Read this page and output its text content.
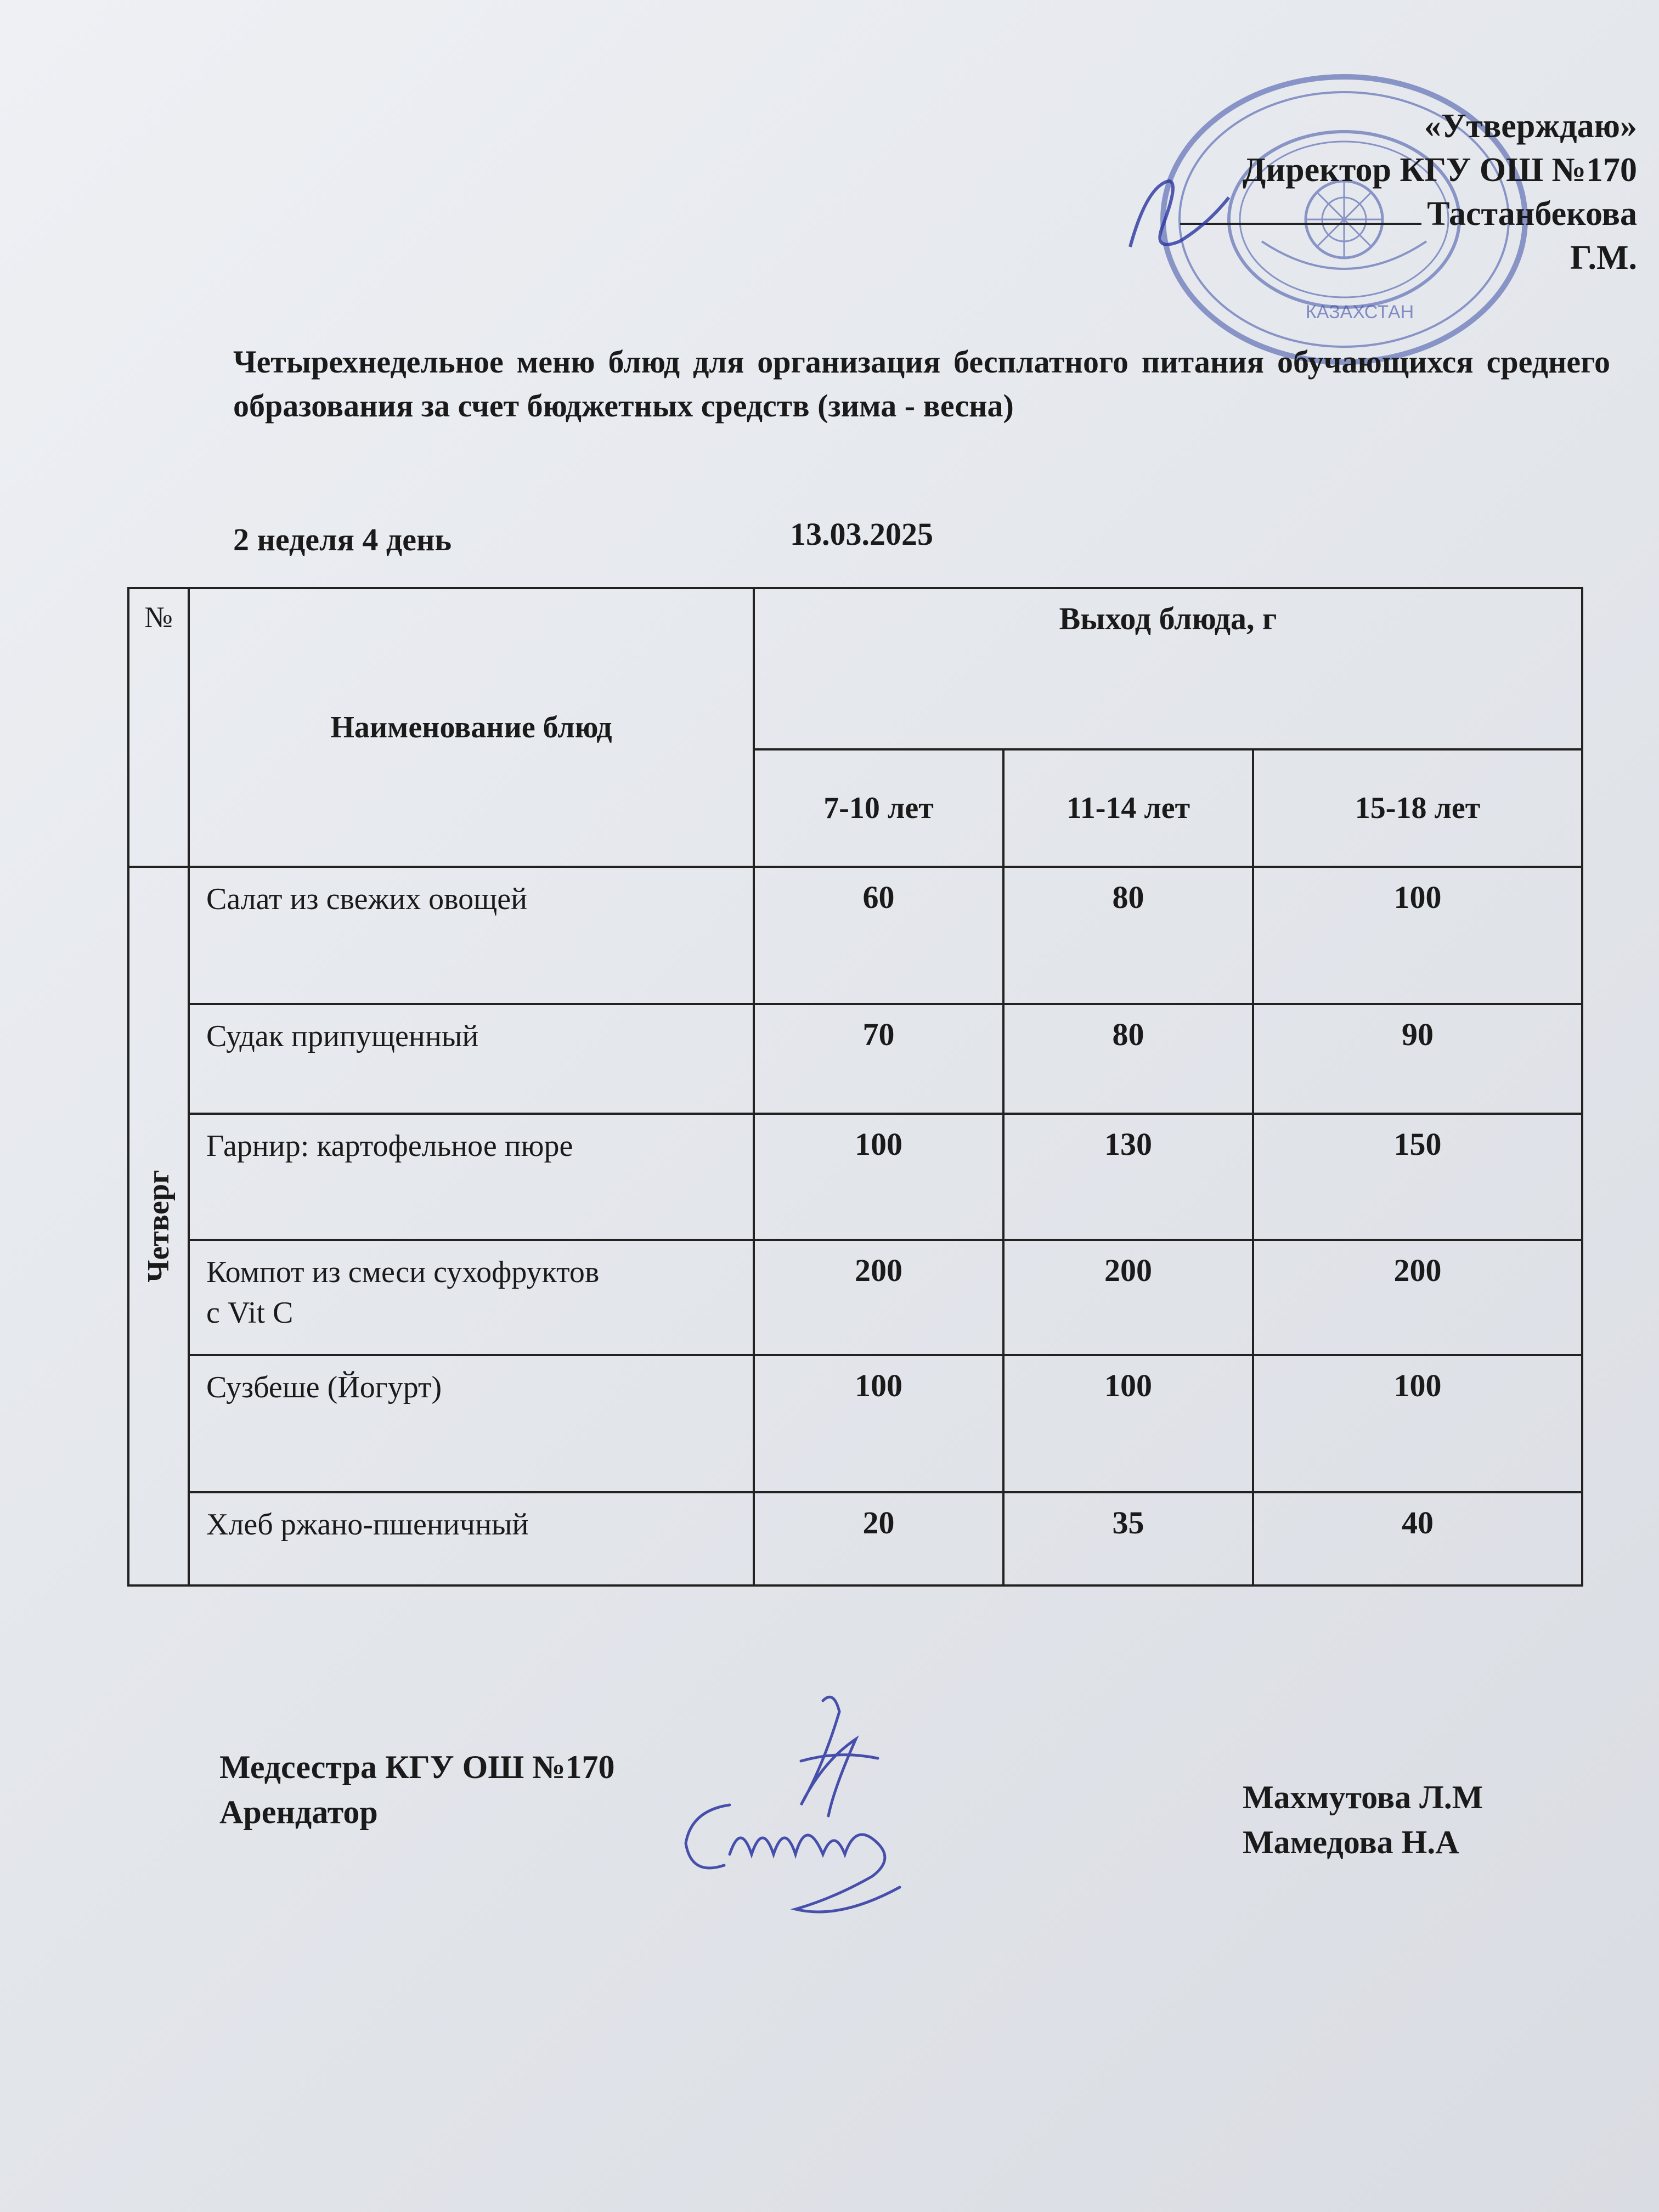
КАЗАХСТАН
«Утверждаю»
Директор КГУ ОШ №170
Тастанбекова Г.М.
Четырехнедельное меню блюд для организация бесплатного питания обучающихся среднего образования за счет бюджетных средств (зима - весна)
2 неделя 4 день	13.03.2025
№	Наименование блюд	Выход блюда, г		
		7-10 лет	11-14 лет	15-18 лет

Четверг	Салат из свежих овощей	60	80	100
	Судак припущенный	70	80	90
	Гарнир: картофельное пюре	100	130	150
	Компот из смеси сухофруктов
с Vit C	200	200	200
	Сузбеше (Йогурт)	100	100	100
	Хлеб ржано-пшеничный	20	35	40
Медсестра КГУ ОШ №170
Арендатор	Махмутова Л.М
Мамедова Н.А
